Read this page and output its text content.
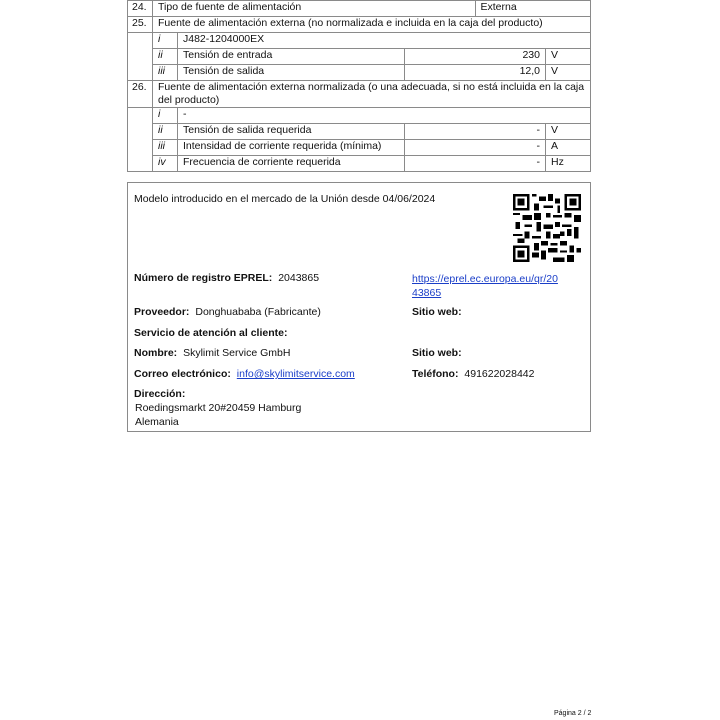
24.	Tipo de fuente de alimentación			Externa	
25.	Fuente de alimentación externa (no normalizada e incluida en la caja del producto)				
	i	J482-1204000EX			
	ii	Tensión de entrada	230		V
	iii	Tensión de salida	12,0		V
26.	Fuente de alimentación externa normalizada (o una adecuada, si no está incluida en la caja del producto)				
	i	-			
	ii	Tensión de salida requerida	-		V
	iii	Intensidad de corriente requerida (mínima)	-		A
	iv	Frecuencia de corriente requerida	-		Hz
Modelo introducido en el mercado de la Unión desde 04/06/2024
Número de registro EPREL: 2043865	https://eprel.ec.europa.eu/qr/20
43865
Proveedor: Donghuababa (Fabricante)	Sitio web:
Servicio de atención al cliente:
Nombre: Skylimit Service GmbH	Sitio web:
Correo electrónico: info@skylimitservice.com	Teléfono: 491622028442
Dirección:
Roedingsmarkt 20#20459 Hamburg
Alemania
Página 2 / 2
